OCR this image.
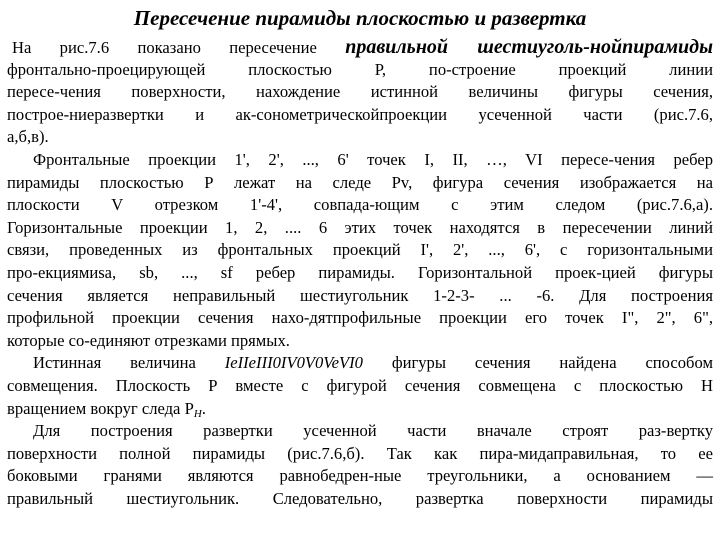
Пересечение пирамиды плоскостью и развертка
На рис.7.6 показано пересечение правильной шестиуголь-нойпирамиды
фронтально-проецирующей плоскостью Р, по-строение проекций линии
пересе-чения поверхности, нахождение истинной величины фигуры сечения,
построе-ниеразвертки и ак-сонометрическойпроекции усеченной части (рис.7.6,
а,б,в).
Фронтальные проекции 1', 2', ..., 6' точек I, II, …, VI пересе-чения ребер
пирамиды плоскостью Р лежат на следе Рv, фигура сечения изображается на
плоскости V отрезком 1'-4', совпада-ющим с этим следом (рис.7.6,а).
Горизонтальные проекции 1, 2, .... 6 этих точек находятся в пересечении линий
связи, проведенных из фронтальных проекций I', 2', ..., 6', с горизонтальными
про-екциямиsa, sb, ..., sf ребер пирамиды. Горизонтальной проек-цией фигуры
сечения является неправильный шестиугольник 1-2-3- ... -6. Для построения
профильной проекции сечения нахо-дятпрофильные проекции его точек I", 2", 6",
которые со-единяют отрезками прямых.
Истинная величина IeIIeIII0IV0V0VeVI0 фигуры сечения найдена способом
совмещения. Плоскость Р вместе с фигурой сечения совмещена с плоскостью Н
вращением вокруг следа $Р_H$.
Для построения развертки усеченной части вначале строят раз-вертку
поверхности полной пирамиды (рис.7.6,б). Так как пира-мидаправильная, то ее
боковыми гранями являются равнобедрен-ные треугольники, а основанием —
правильный шестиугольник. Следовательно, развертка поверхности пирамиды
